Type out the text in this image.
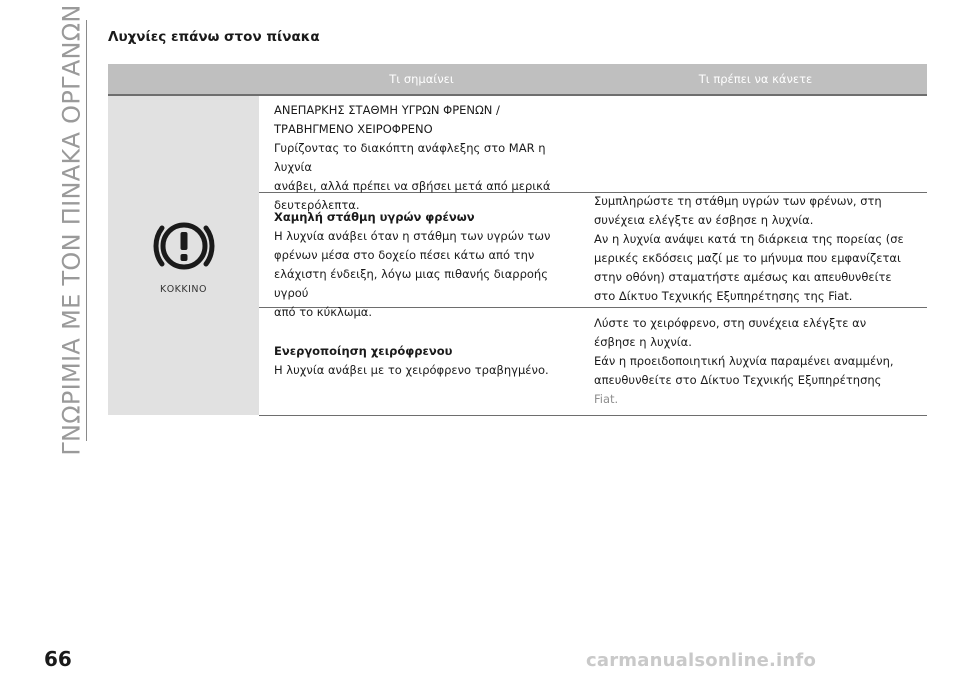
ΓΝΩΡΙΜΙΑ ΜΕ ΤΟΝ ΠΙΝΑΚΑ ΟΡΓΑΝΩΝ Λυχνίες επάνω στον πίνακα
Τι σημαίνει	Τι πρέπει να κάνετε
ΚΟΚΚΙΝΟ
ΑΝΕΠΑΡΚΗΣ ΣΤΑΘΜΗ ΥΓΡΩΝ ΦΡΕΝΩΝ /
ΤΡΑΒΗΓΜΕΝΟ ΧΕΙΡΟΦΡΕΝΟ
Γυρίζοντας το διακόπτη ανάφλεξης στο MAR η λυχνία
ανάβει, αλλά πρέπει να σβήσει μετά από μερικά
δευτερόλεπτα.
Χαμηλή στάθμη υγρών φρένων
Η λυχνία ανάβει όταν η στάθμη των υγρών των
φρένων μέσα στο δοχείο πέσει κάτω από την
ελάχιστη ένδειξη, λόγω μιας πιθανής διαρροής υγρού
από το κύκλωμα.
Συμπληρώστε τη στάθμη υγρών των φρένων, στη
συνέχεια ελέγξτε αν έσβησε η λυχνία.
Αν η λυχνία ανάψει κατά τη διάρκεια της πορείας (σε
μερικές εκδόσεις μαζί με το μήνυμα που εμφανίζεται
στην οθόνη) σταματήστε αμέσως και απευθυνθείτε
στο Δίκτυο Τεχνικής Εξυπηρέτησης της Fiat.
Ενεργοποίηση χειρόφρενου
Η λυχνία ανάβει με το χειρόφρενο τραβηγμένο.
Λύστε το χειρόφρενο, στη συνέχεια ελέγξτε αν
έσβησε η λυχνία.
Εάν η προειδοποιητική λυχνία παραμένει αναμμένη,
απευθυνθείτε στο Δίκτυο Τεχνικής Εξυπηρέτησης
Fiat.
66	carmanualsonline.info
